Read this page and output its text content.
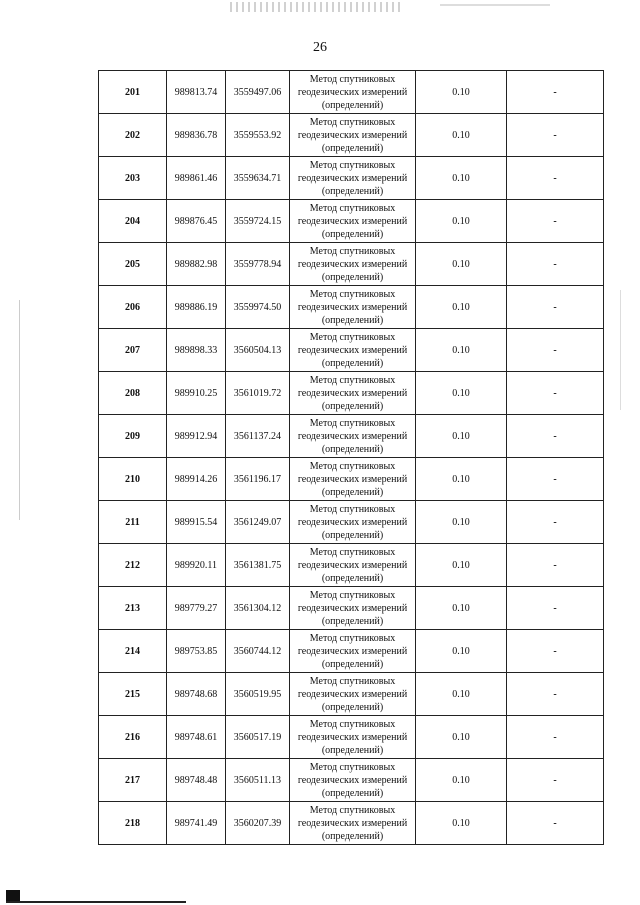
26
201	989813.74	3559497.06	Метод спутниковых
геодезических измерений
(определений)	0.10	-
202	989836.78	3559553.92	Метод спутниковых
геодезических измерений
(определений)	0.10	-
203	989861.46	3559634.71	Метод спутниковых
геодезических измерений
(определений)	0.10	-
204	989876.45	3559724.15	Метод спутниковых
геодезических измерений
(определений)	0.10	-
205	989882.98	3559778.94	Метод спутниковых
геодезических измерений
(определений)	0.10	-
206	989886.19	3559974.50	Метод спутниковых
геодезических измерений
(определений)	0.10	-
207	989898.33	3560504.13	Метод спутниковых
геодезических измерений
(определений)	0.10	-
208	989910.25	3561019.72	Метод спутниковых
геодезических измерений
(определений)	0.10	-
209	989912.94	3561137.24	Метод спутниковых
геодезических измерений
(определений)	0.10	-
210	989914.26	3561196.17	Метод спутниковых
геодезических измерений
(определений)	0.10	-
211	989915.54	3561249.07	Метод спутниковых
геодезических измерений
(определений)	0.10	-
212	989920.11	3561381.75	Метод спутниковых
геодезических измерений
(определений)	0.10	-
213	989779.27	3561304.12	Метод спутниковых
геодезических измерений
(определений)	0.10	-
214	989753.85	3560744.12	Метод спутниковых
геодезических измерений
(определений)	0.10	-
215	989748.68	3560519.95	Метод спутниковых
геодезических измерений
(определений)	0.10	-
216	989748.61	3560517.19	Метод спутниковых
геодезических измерений
(определений)	0.10	-
217	989748.48	3560511.13	Метод спутниковых
геодезических измерений
(определений)	0.10	-
218	989741.49	3560207.39	Метод спутниковых
геодезических измерений
(определений)	0.10	-
